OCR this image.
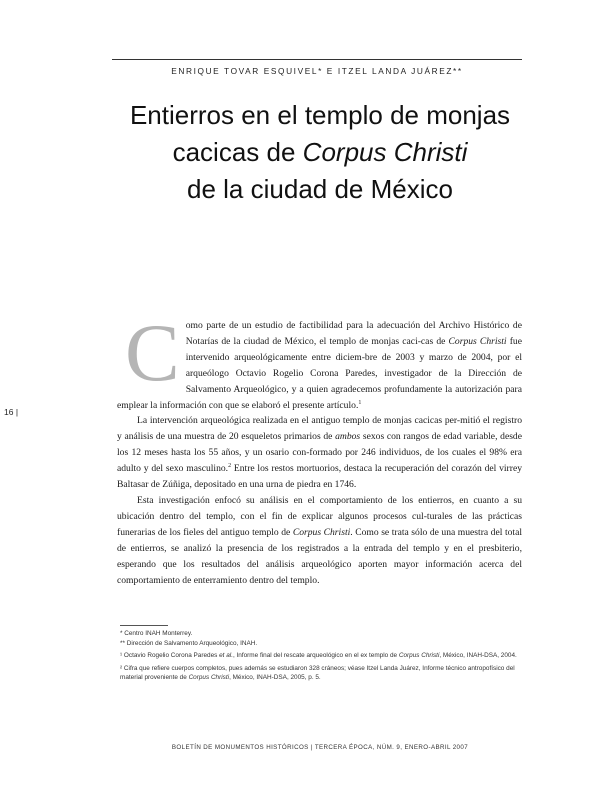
ENRIQUE TOVAR ESQUIVEL* E ITZEL LANDA JUÁREZ**
Entierros en el templo de monjas
cacicas de Corpus Christi
de la ciudad de México
16 |

Como parte de un estudio de factibilidad para la adecuación del Archivo Histórico de Notarías de la ciudad de México, el templo de monjas caci-cas de Corpus Christi fue intervenido arqueológicamente entre diciem-bre de 2003 y marzo de 2004, por el arqueólogo Octavio Rogelio Corona Paredes, investigador de la Dirección de Salvamento Arqueológico, y a quien agradecemos profundamente la autorización para emplear la información con que se elaboró el presente artículo.$^1$

La intervención arqueológica realizada en el antiguo templo de monjas cacicas per-mitió el registro y análisis de una muestra de 20 esqueletos primarios de ambos sexos con rangos de edad variable, desde los 12 meses hasta los 55 años, y un osario con-formado por 246 individuos, de los cuales el 98% era adulto y del sexo masculino.$^2$ Entre los restos mortuorios, destaca la recuperación del corazón del virrey Baltasar de Zúñiga, depositado en una urna de piedra en 1746.

Esta investigación enfocó su análisis en el comportamiento de los entierros, en cuanto a su ubicación dentro del templo, con el fin de explicar algunos procesos cul-turales de las prácticas funerarias de los fieles del antiguo templo de Corpus Christi. Como se trata sólo de una muestra del total de entierros, se analizó la presencia de los registrados a la entrada del templo y en el presbiterio, esperando que los resultados del análisis arqueológico aporten mayor información acerca del comportamiento de enterramiento dentro del templo.

* Centro INAH Monterrey.

** Dirección de Salvamento Arqueológico, INAH.

¹ Octavio Rogelio Corona Paredes et al., Informe final del rescate arqueológico en el ex templo de Corpus Christi, México, INAH-DSA, 2004.

² Cifra que refiere cuerpos completos, pues además se estudiaron 328 cráneos; véase Itzel Landa Juárez, Informe técnico antropofísico del material proveniente de Corpus Christi, México, INAH-DSA, 2005, p. 5.

BOLETÍN DE MONUMENTOS HISTÓRICOS | TERCERA ÉPOCA, NÚM. 9, ENERO-ABRIL 2007
